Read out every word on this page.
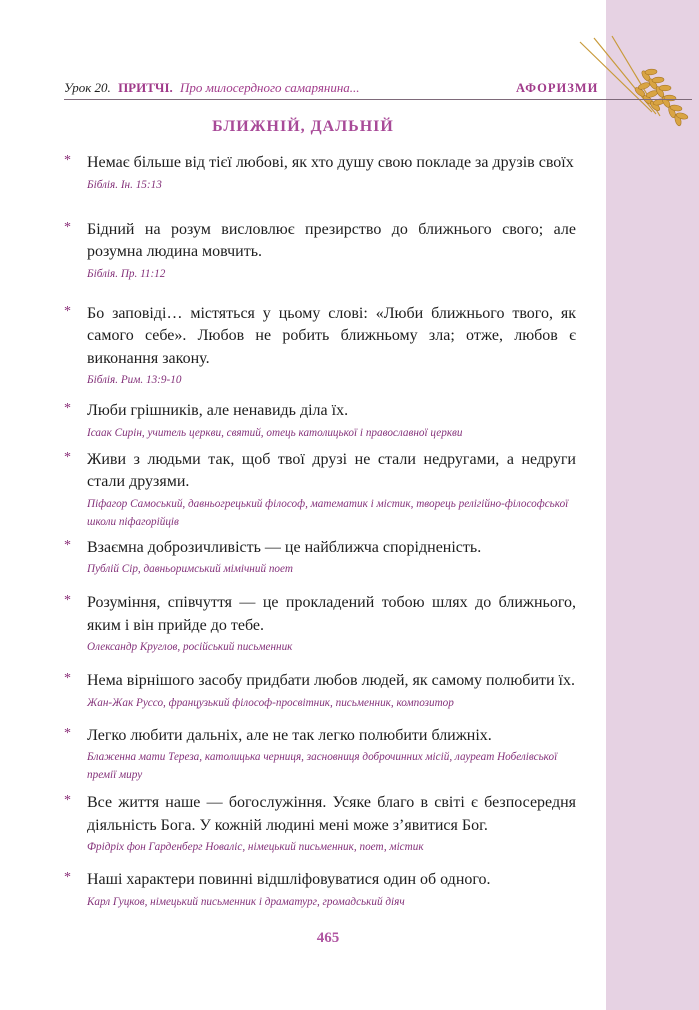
Урок 20. ПРИТЧІ. Про милосердного самарянина...	АФОРИЗМИ
БЛИЖНІЙ, ДАЛЬНІЙ
* Немає більше від тієї любові, як хто душу свою покладе за друзів своїх
Біблія. Ін. 15:13
* Бідний на розум висловлює презирство до ближнього свого; але розумна людина мовчить.
Біблія. Пр. 11:12
* Бо заповіді… містяться у цьому слові: «Люби ближнього твого, як самого себе». Любов не робить ближньому зла; отже, любов є виконання закону.
Біблія. Рим. 13:9-10
* Люби грішників, але ненавидь діла їх.
Ісаак Сирін, учитель церкви, святий, отець католицької і православної церкви
* Живи з людьми так, щоб твої друзі не стали недругами, а недруги стали друзями.
Піфагор Самоський, давньогрецький філософ, математик і містик, творець релігійно-філософської школи піфагорійців
* Взаємна доброзичливість — це найближча спорідненість.
Публій Сір, давньоримський мімічний поет
* Розуміння, співчуття — це прокладений тобою шлях до ближнього, яким і він прийде до тебе.
Олександр Круглов, російський письменник
* Нема вірнішого засобу придбати любов людей, як самому полюбити їх.
Жан-Жак Руссо, французький філософ-просвітник, письменник, композитор
* Легко любити дальніх, але не так легко полюбити ближніх.
Блаженна мати Тереза, католицька черниця, засновниця доброчинних місій, лауреат Нобелівської премії миру
* Все життя наше — богослужіння. Усяке благо в світі є безпосередня діяльність Бога. У кожній людині мені може з’явитися Бог.
Фрідріх фон Гарденберг Новаліс, німецький письменник, поет, містик
* Наші характери повинні відшліфовуватися один об одного.
Карл Гуцков, німецький письменник і драматург, громадський діяч
465
